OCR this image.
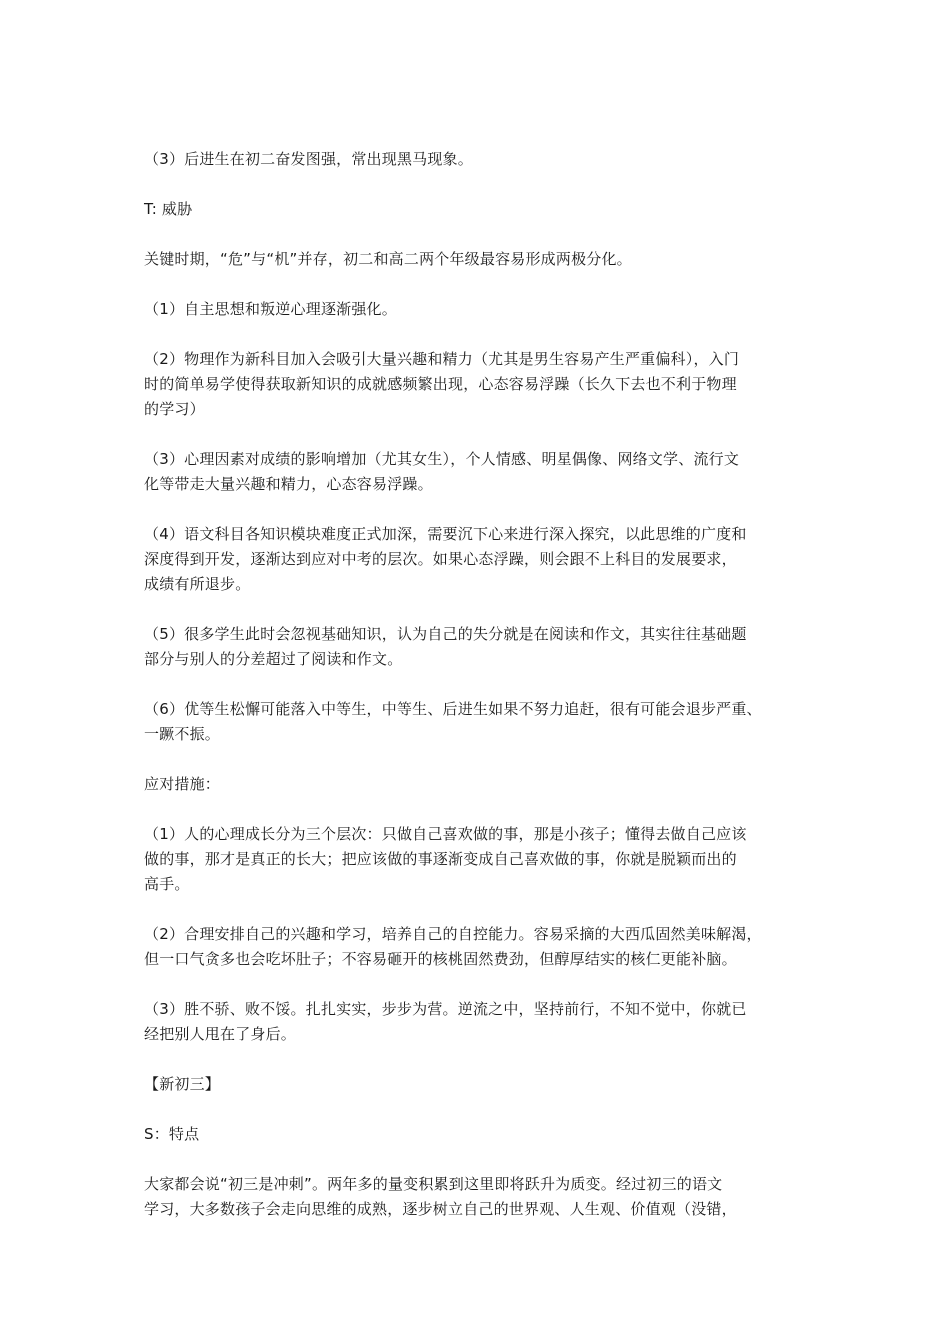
（3）后进生在初二奋发图强，常出现黑马现象。
T: 威胁
关键时期，“危”与“机”并存，初二和高二两个年级最容易形成两极分化。
（1）自主思想和叛逆心理逐渐强化。
（2）物理作为新科目加入会吸引大量兴趣和精力（尤其是男生容易产生严重偏科），入门
时的简单易学使得获取新知识的成就感频繁出现，心态容易浮躁（长久下去也不利于物理
的学习）
（3）心理因素对成绩的影响增加（尤其女生），个人情感、明星偶像、网络文学、流行文
化等带走大量兴趣和精力，心态容易浮躁。
（4）语文科目各知识模块难度正式加深，需要沉下心来进行深入探究，以此思维的广度和
深度得到开发，逐渐达到应对中考的层次。如果心态浮躁，则会跟不上科目的发展要求，
成绩有所退步。
（5）很多学生此时会忽视基础知识，认为自己的失分就是在阅读和作文，其实往往基础题
部分与别人的分差超过了阅读和作文。
（6）优等生松懈可能落入中等生，中等生、后进生如果不努力追赶，很有可能会退步严重、
一蹶不振。
应对措施：
（1）人的心理成长分为三个层次：只做自己喜欢做的事，那是小孩子；懂得去做自己应该
做的事，那才是真正的长大；把应该做的事逐渐变成自己喜欢做的事，你就是脱颖而出的
高手。
（2）合理安排自己的兴趣和学习，培养自己的自控能力。容易采摘的大西瓜固然美味解渴，
但一口气贪多也会吃坏肚子；不容易砸开的核桃固然费劲，但醇厚结实的核仁更能补脑。
（3）胜不骄、败不馁。扎扎实实，步步为营。逆流之中，坚持前行，不知不觉中，你就已
经把别人甩在了身后。
【新初三】
S：特点
大家都会说“初三是冲刺”。两年多的量变积累到这里即将跃升为质变。经过初三的语文
学习，大多数孩子会走向思维的成熟，逐步树立自己的世界观、人生观、价值观（没错，
